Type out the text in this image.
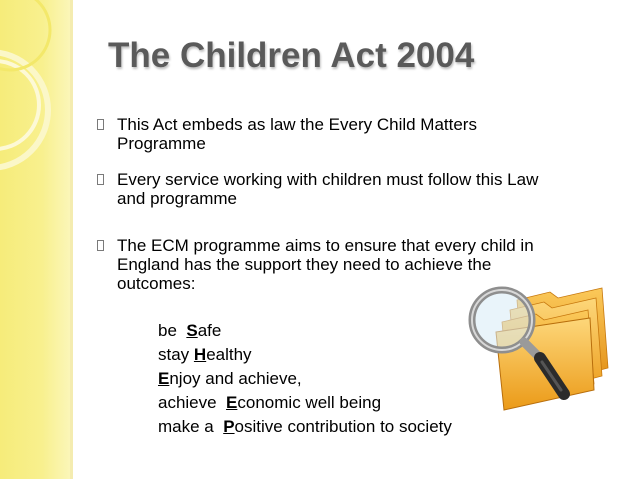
The Children Act 2004
This Act embeds as law the Every Child Matters
Programme
Every service working with children must follow this Law
and programme
The ECM programme aims to ensure that every child in
England has the support they need to achieve the
outcomes:
be  Safe
stay Healthy
Enjoy and achieve,
achieve  Economic well being
make a  Positive contribution to society
